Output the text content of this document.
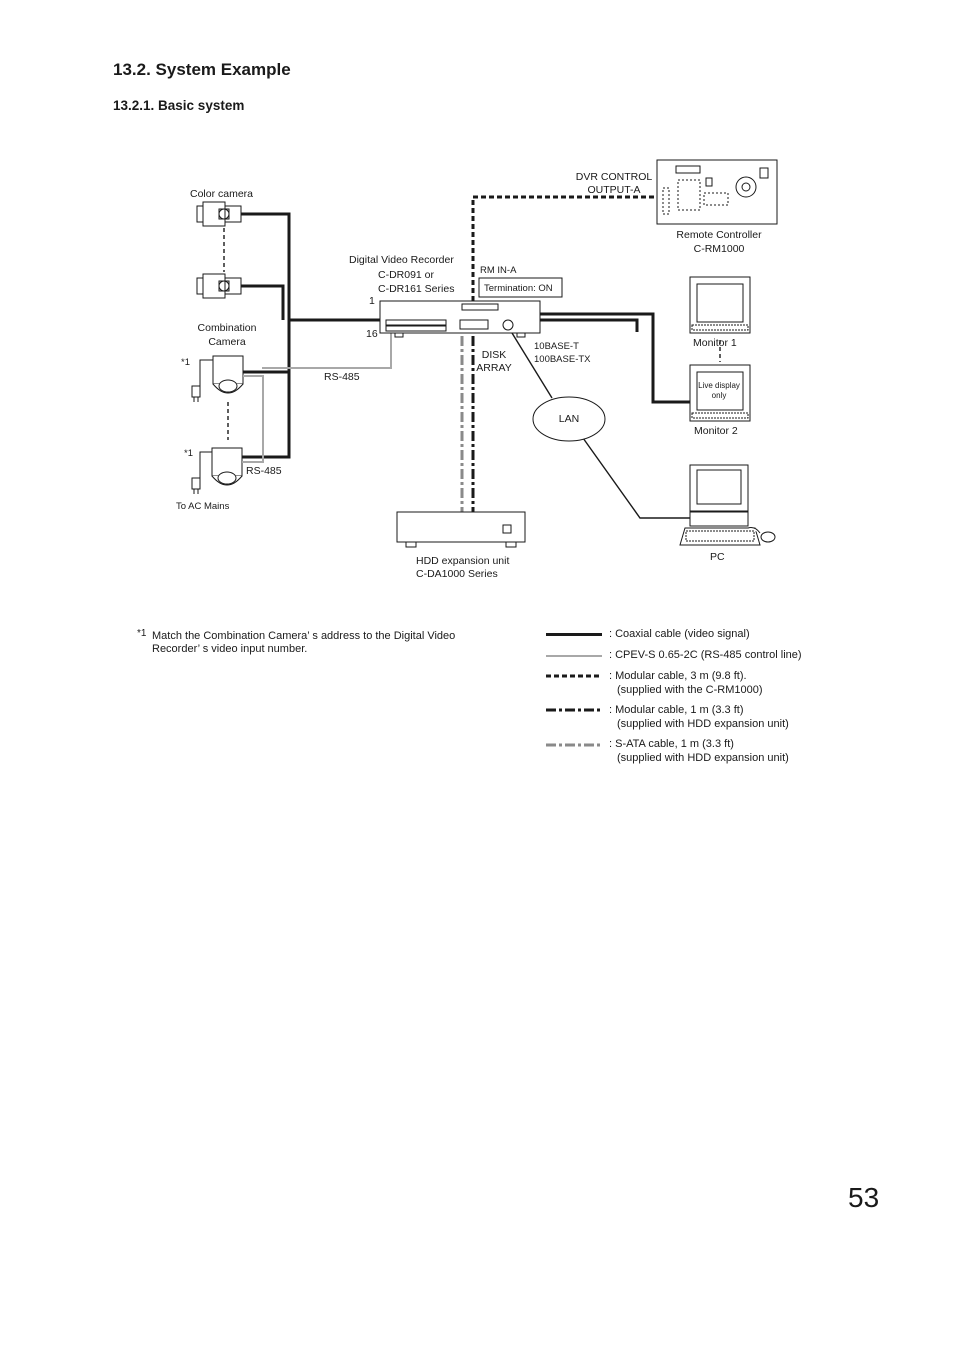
13.2. System Example
13.2.1. Basic system
Color camera
Combination
Camera
*1
*1
To AC Mains
RS-485
RS-485
Digital Video Recorder
C-DR091 or
C-DR161 Series
1
16
RM IN-A
Termination: ON
DVR CONTROL
OUTPUT-A
Remote Controller
C-RM1000
Monitor 1
Live display
only
Monitor 2
10BASE-T
100BASE-TX
DISK
ARRAY
LAN
PC
HDD expansion unit
C-DA1000 Series
*1 Match the Combination Camera’ s address to the Digital Video Recorder’ s video input number.
: Coaxial cable (video signal)
: CPEV-S 0.65-2C (RS-485 control line)
: Modular cable, 3 m (9.8 ft).
(supplied with the C-RM1000)
: Modular cable, 1 m (3.3 ft)
(supplied with HDD expansion unit)
: S-ATA cable, 1 m (3.3 ft)
(supplied with HDD expansion unit)
53
